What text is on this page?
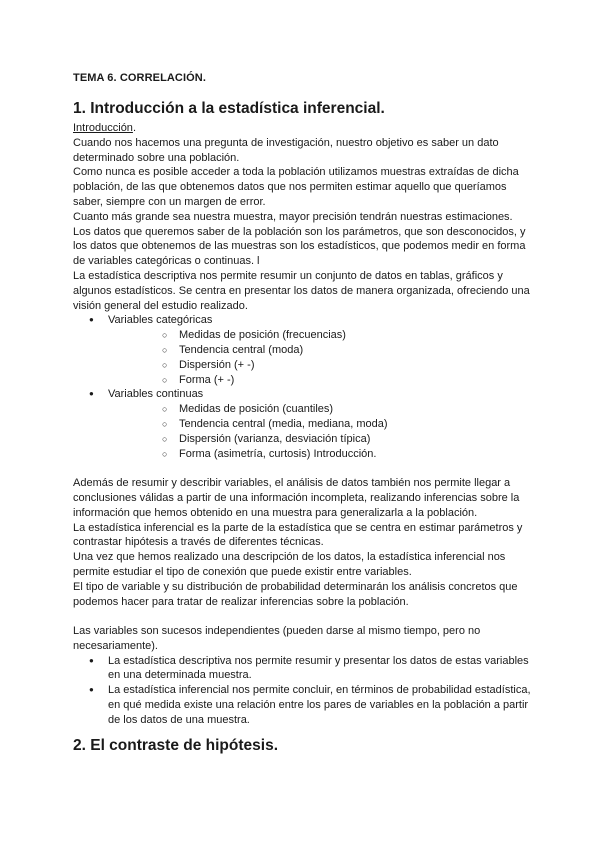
TEMA 6. CORRELACIÓN.
1. Introducción a la estadística inferencial.

Introducción.

Cuando nos hacemos una pregunta de investigación, nuestro objetivo es saber un dato determinado sobre una población.

Como nunca es posible acceder a toda la población utilizamos muestras extraídas de dicha población, de las que obtenemos datos que nos permiten estimar aquello que queríamos saber, siempre con un margen de error.

Cuanto más grande sea nuestra muestra, mayor precisión tendrán nuestras estimaciones.

Los datos que queremos saber de la población son los parámetros, que son desconocidos, y los datos que obtenemos de las muestras son los estadísticos, que podemos medir en forma de variables categóricas o continuas. l

La estadística descriptiva nos permite resumir un conjunto de datos en tablas, gráficos y algunos estadísticos. Se centra en presentar los datos de manera organizada, ofreciendo una visión general del estudio realizado.

● Variables categóricas
○ Medidas de posición (frecuencias)
○ Tendencia central (moda)
○ Dispersión (+ -)
○ Forma (+ -)
● Variables continuas
○ Medidas de posición (cuantiles)
○ Tendencia central (media, mediana, moda)
○ Dispersión (varianza, desviación típica)
○ Forma (asimetría, curtosis) Introducción.

Además de resumir y describir variables, el análisis de datos también nos permite llegar a conclusiones válidas a partir de una información incompleta, realizando inferencias sobre la información que hemos obtenido en una muestra para generalizarla a la población.

La estadística inferencial es la parte de la estadística que se centra en estimar parámetros y contrastar hipótesis a través de diferentes técnicas.

Una vez que hemos realizado una descripción de los datos, la estadística inferencial nos permite estudiar el tipo de conexión que puede existir entre variables.

El tipo de variable y su distribución de probabilidad determinarán los análisis concretos que podemos hacer para tratar de realizar inferencias sobre la población.

Las variables son sucesos independientes (pueden darse al mismo tiempo, pero no necesariamente).

● La estadística descriptiva nos permite resumir y presentar los datos de estas variables en una determinada muestra.
● La estadística inferencial nos permite concluir, en términos de probabilidad estadística, en qué medida existe una relación entre los pares de variables en la población a partir de los datos de una muestra.
2. El contraste de hipótesis.
